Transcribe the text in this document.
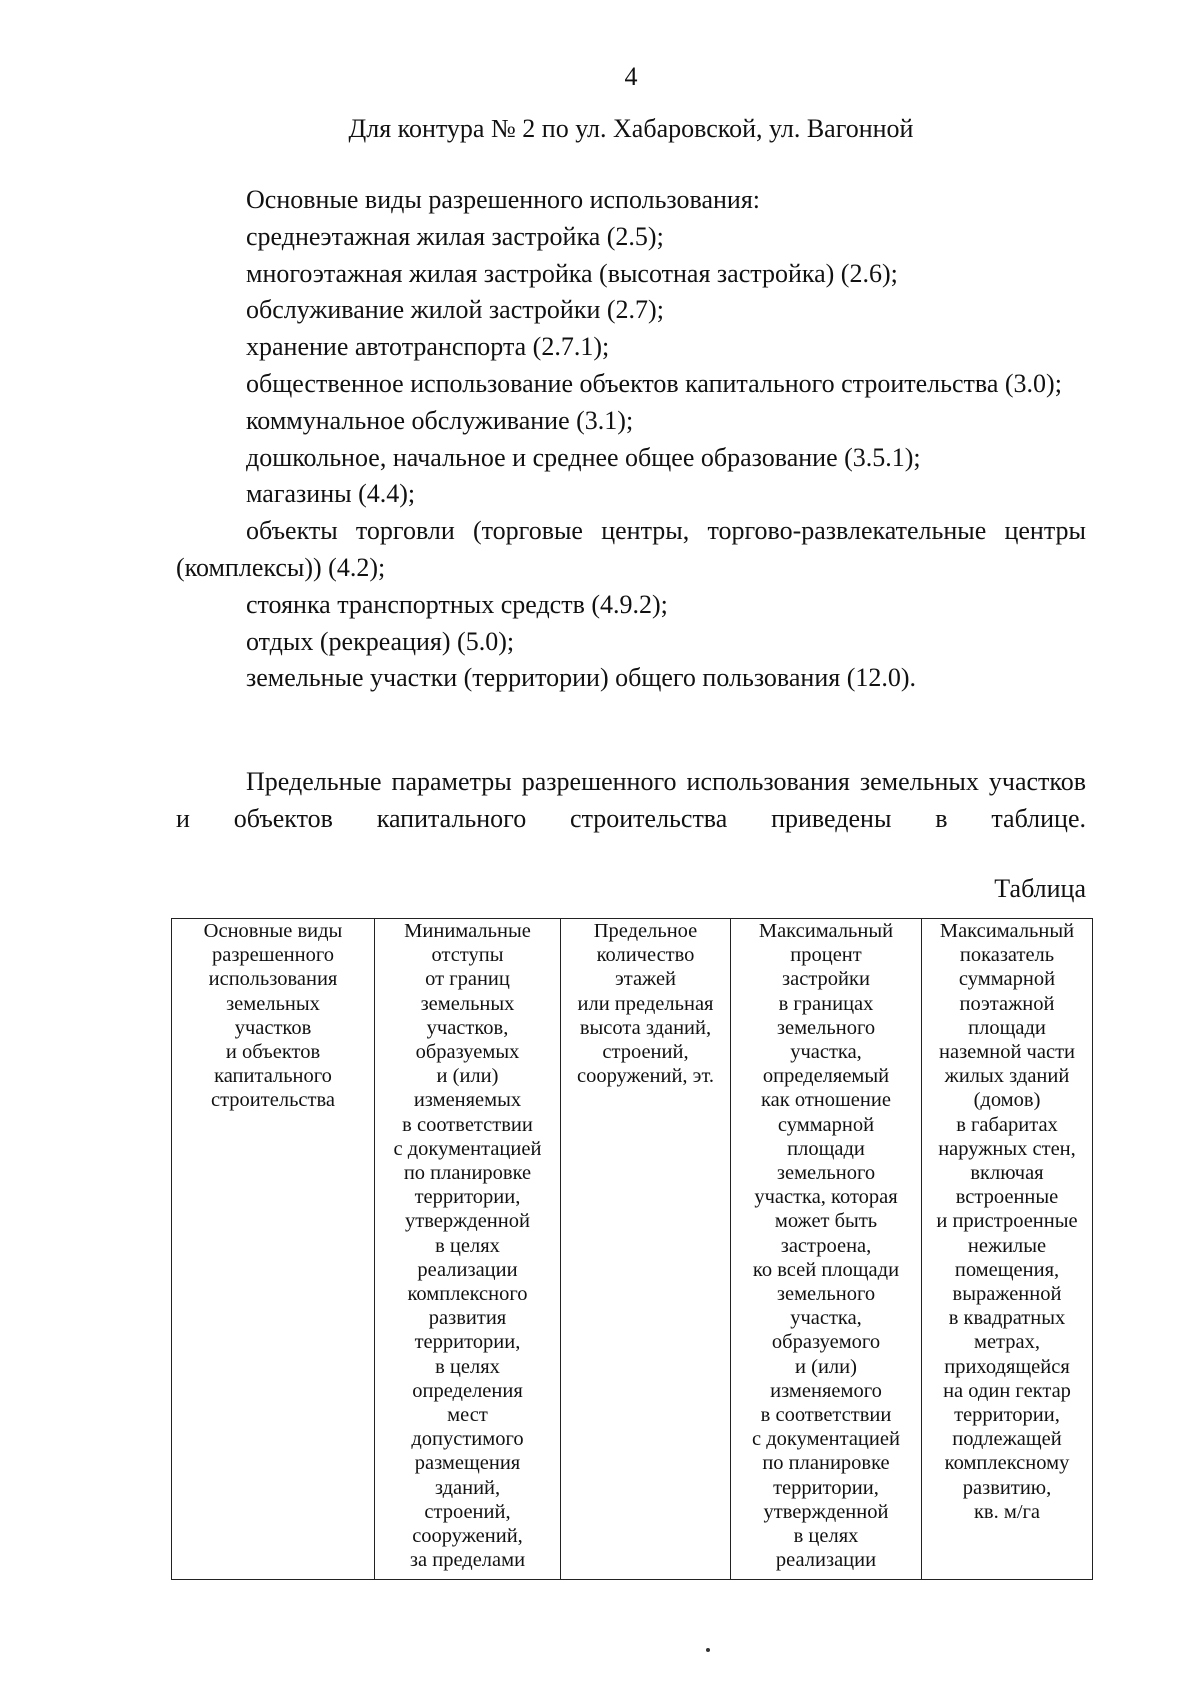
4
Для контура № 2 по ул. Хабаровской, ул. Вагонной
Основные виды разрешенного использования:
среднеэтажная жилая застройка (2.5);
многоэтажная жилая застройка (высотная застройка) (2.6);
обслуживание жилой застройки (2.7);
хранение автотранспорта (2.7.1);
общественное использование объектов капитального строительства (3.0);
коммунальное обслуживание (3.1);
дошкольное, начальное и среднее общее образование (3.5.1);
магазины (4.4);
объекты торговли (торговые центры, торгово-развлекательные центры (комплексы)) (4.2);
стоянка транспортных средств (4.9.2);
отдых (рекреация) (5.0);
земельные участки (территории) общего пользования (12.0).
Предельные параметры разрешенного использования земельных участков и объектов капитального строительства приведены в таблице.
Таблица
Основные виды
разрешенного
использования
земельных
участков
и объектов
капитального
строительства	Минимальные
отступы
от границ
земельных
участков,
образуемых
и (или)
изменяемых
в соответствии
с документацией
по планировке
территории,
утвержденной
в целях
реализации
комплексного
развития
территории,
в целях
определения
мест
допустимого
размещения
зданий,
строений,
сооружений,
за пределами	Предельное
количество
этажей
или предельная
высота зданий,
строений,
сооружений, эт.	Максимальный
процент
застройки
в границах
земельного
участка,
определяемый
как отношение
суммарной
площади
земельного
участка, которая
может быть
застроена,
ко всей площади
земельного
участка,
образуемого
и (или)
изменяемого
в соответствии
с документацией
по планировке
территории,
утвержденной
в целях
реализации	Максимальный
показатель
суммарной
поэтажной
площади
наземной части
жилых зданий
(домов)
в габаритах
наружных стен,
включая
встроенные
и пристроенные
нежилые
помещения,
выраженной
в квадратных
метрах,
приходящейся
на один гектар
территории,
подлежащей
комплексному
развитию,
кв. м/га
